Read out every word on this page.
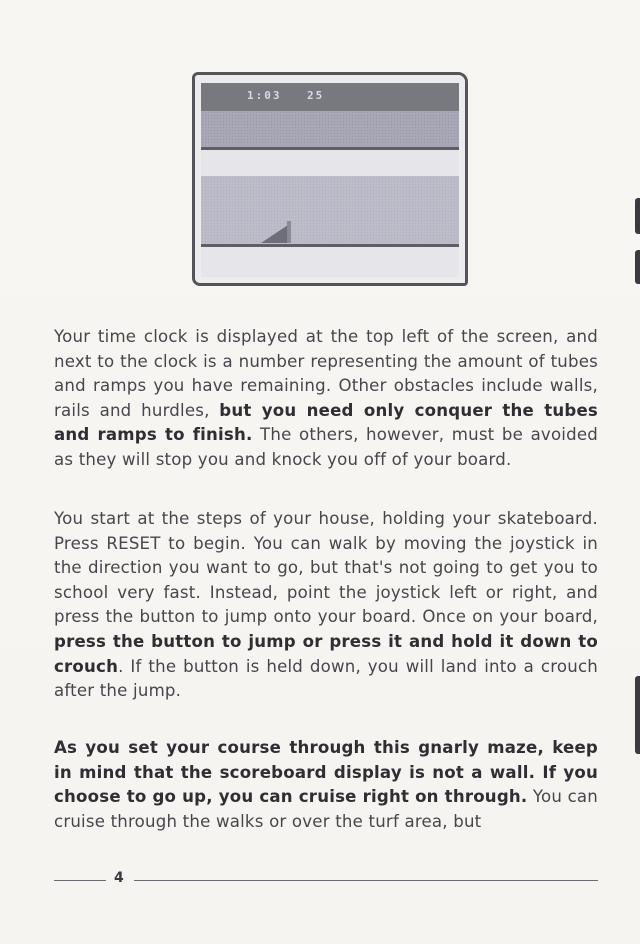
1:03 25
Your time clock is displayed at the top left of the screen, and next to the clock is a number representing the amount of tubes and ramps you have remaining. Other obstacles include walls, rails and hurdles, but you need only conquer the tubes and ramps to finish. The others, however, must be avoided as they will stop you and knock you off of your board.
You start at the steps of your house, holding your skateboard. Press RESET to begin. You can walk by moving the joystick in the direction you want to go, but that's not going to get you to school very fast. Instead, point the joystick left or right, and press the button to jump onto your board. Once on your board, press the button to jump or press it and hold it down to crouch. If the button is held down, you will land into a crouch after the jump.
As you set your course through this gnarly maze, keep in mind that the scoreboard display is not a wall. If you choose to go up, you can cruise right on through. You can cruise through the walks or over the turf area, but
4
